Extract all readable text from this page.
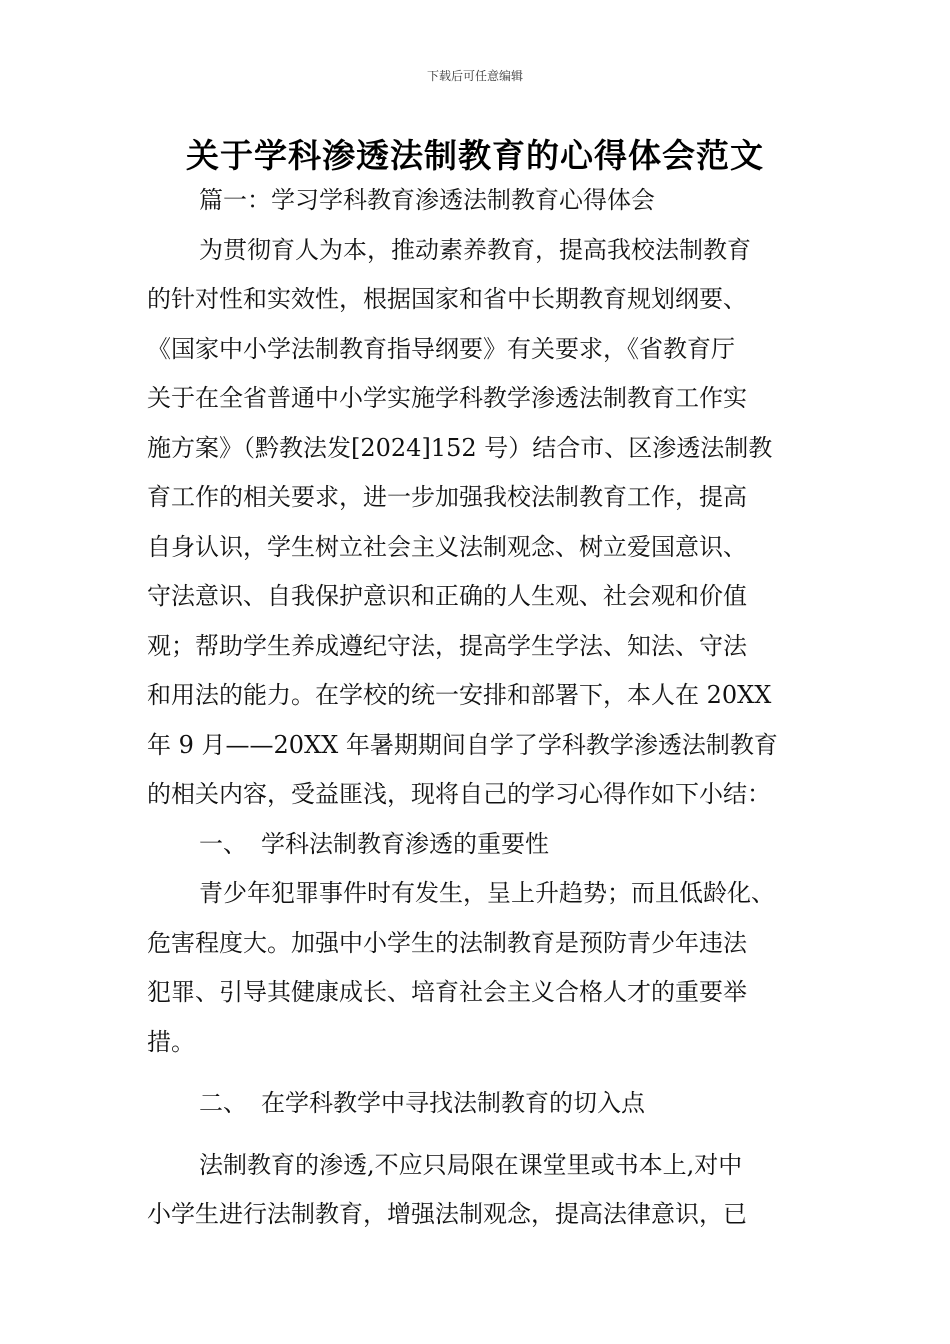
下载后可任意编辑
关于学科渗透法制教育的心得体会范文
篇一：学习学科教育渗透法制教育心得体会
为贯彻育人为本，推动素养教育，提高我校法制教育
的针对性和实效性，根据国家和省中长期教育规划纲要、
《国家中小学法制教育指导纲要》有关要求，《省教育厅
关于在全省普通中小学实施学科教学渗透法制教育工作实
施方案》（黔教法发[2024]152 号）结合市、区渗透法制教
育工作的相关要求，进一步加强我校法制教育工作，提高
自身认识，学生树立社会主义法制观念、树立爱国意识、
守法意识、自我保护意识和正确的人生观、社会观和价值
观；帮助学生养成遵纪守法，提高学生学法、知法、守法
和用法的能力。在学校的统一安排和部署下，本人在 20XX
年 9 月——20XX 年暑期期间自学了学科教学渗透法制教育
的相关内容，受益匪浅，现将自己的学习心得作如下小结：
一、 学科法制教育渗透的重要性
青少年犯罪事件时有发生，呈上升趋势；而且低龄化、
危害程度大。加强中小学生的法制教育是预防青少年违法
犯罪、引导其健康成长、培育社会主义合格人才的重要举
措。
二、 在学科教学中寻找法制教育的切入点
法制教育的渗透,不应只局限在课堂里或书本上,对中
小学生进行法制教育，增强法制观念，提高法律意识，已
